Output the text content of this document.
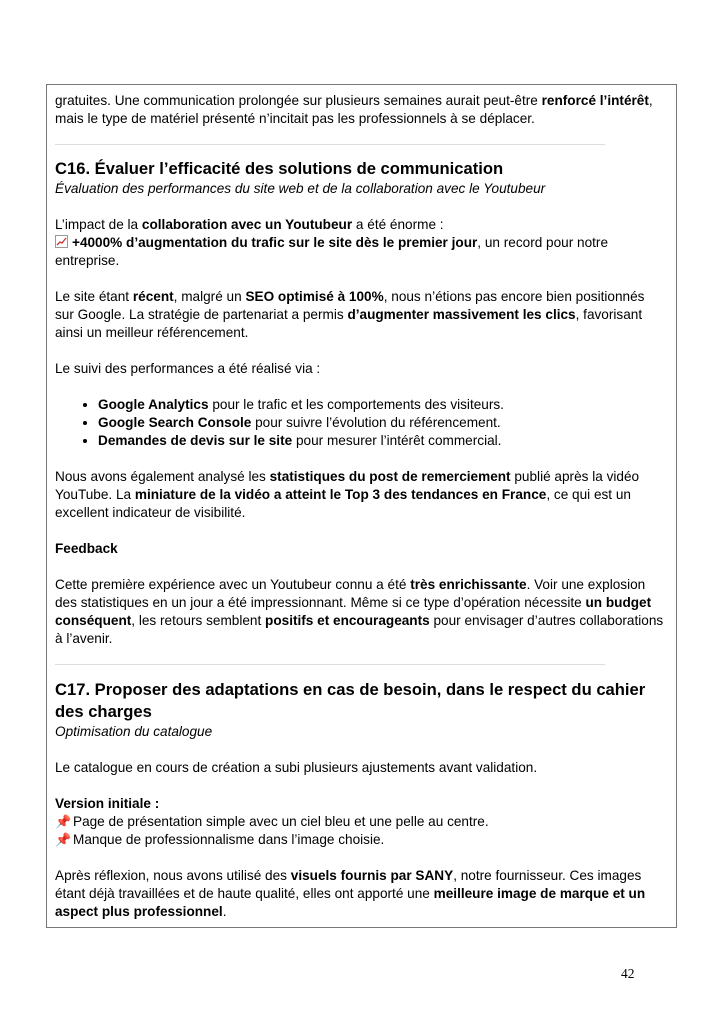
gratuites. Une communication prolongée sur plusieurs semaines aurait peut-être renforcé l’intérêt, mais le type de matériel présenté n’incitait pas les professionnels à se déplacer.

C16. Évaluer l’efficacité des solutions de communication

Évaluation des performances du site web et de la collaboration avec le Youtubeur

L’impact de la collaboration avec un Youtubeur a été énorme :

+4000% d’augmentation du trafic sur le site dès le premier jour, un record pour notre entreprise.

Le site étant récent, malgré un SEO optimisé à 100%, nous n’étions pas encore bien positionnés sur Google. La stratégie de partenariat a permis d’augmenter massivement les clics, favorisant ainsi un meilleur référencement.

Le suivi des performances a été réalisé via :

• Google Analytics pour le trafic et les comportements des visiteurs.
• Google Search Console pour suivre l’évolution du référencement.
• Demandes de devis sur le site pour mesurer l’intérêt commercial.

Nous avons également analysé les statistiques du post de remerciement publié après la vidéo YouTube. La miniature de la vidéo a atteint le Top 3 des tendances en France, ce qui est un excellent indicateur de visibilité.

Feedback

Cette première expérience avec un Youtubeur connu a été très enrichissante. Voir une explosion des statistiques en un jour a été impressionnant. Même si ce type d’opération nécessite un budget conséquent, les retours semblent positifs et encourageants pour envisager d’autres collaborations à l’avenir.

C17. Proposer des adaptations en cas de besoin, dans le respect du cahier des charges

Optimisation du catalogue

Le catalogue en cours de création a subi plusieurs ajustements avant validation.

Version initiale :

📌 Page de présentation simple avec un ciel bleu et une pelle au centre.

📌 Manque de professionnalisme dans l’image choisie.

Après réflexion, nous avons utilisé des visuels fournis par SANY, notre fournisseur. Ces images étant déjà travaillées et de haute qualité, elles ont apporté une meilleure image de marque et un aspect plus professionnel.

42
